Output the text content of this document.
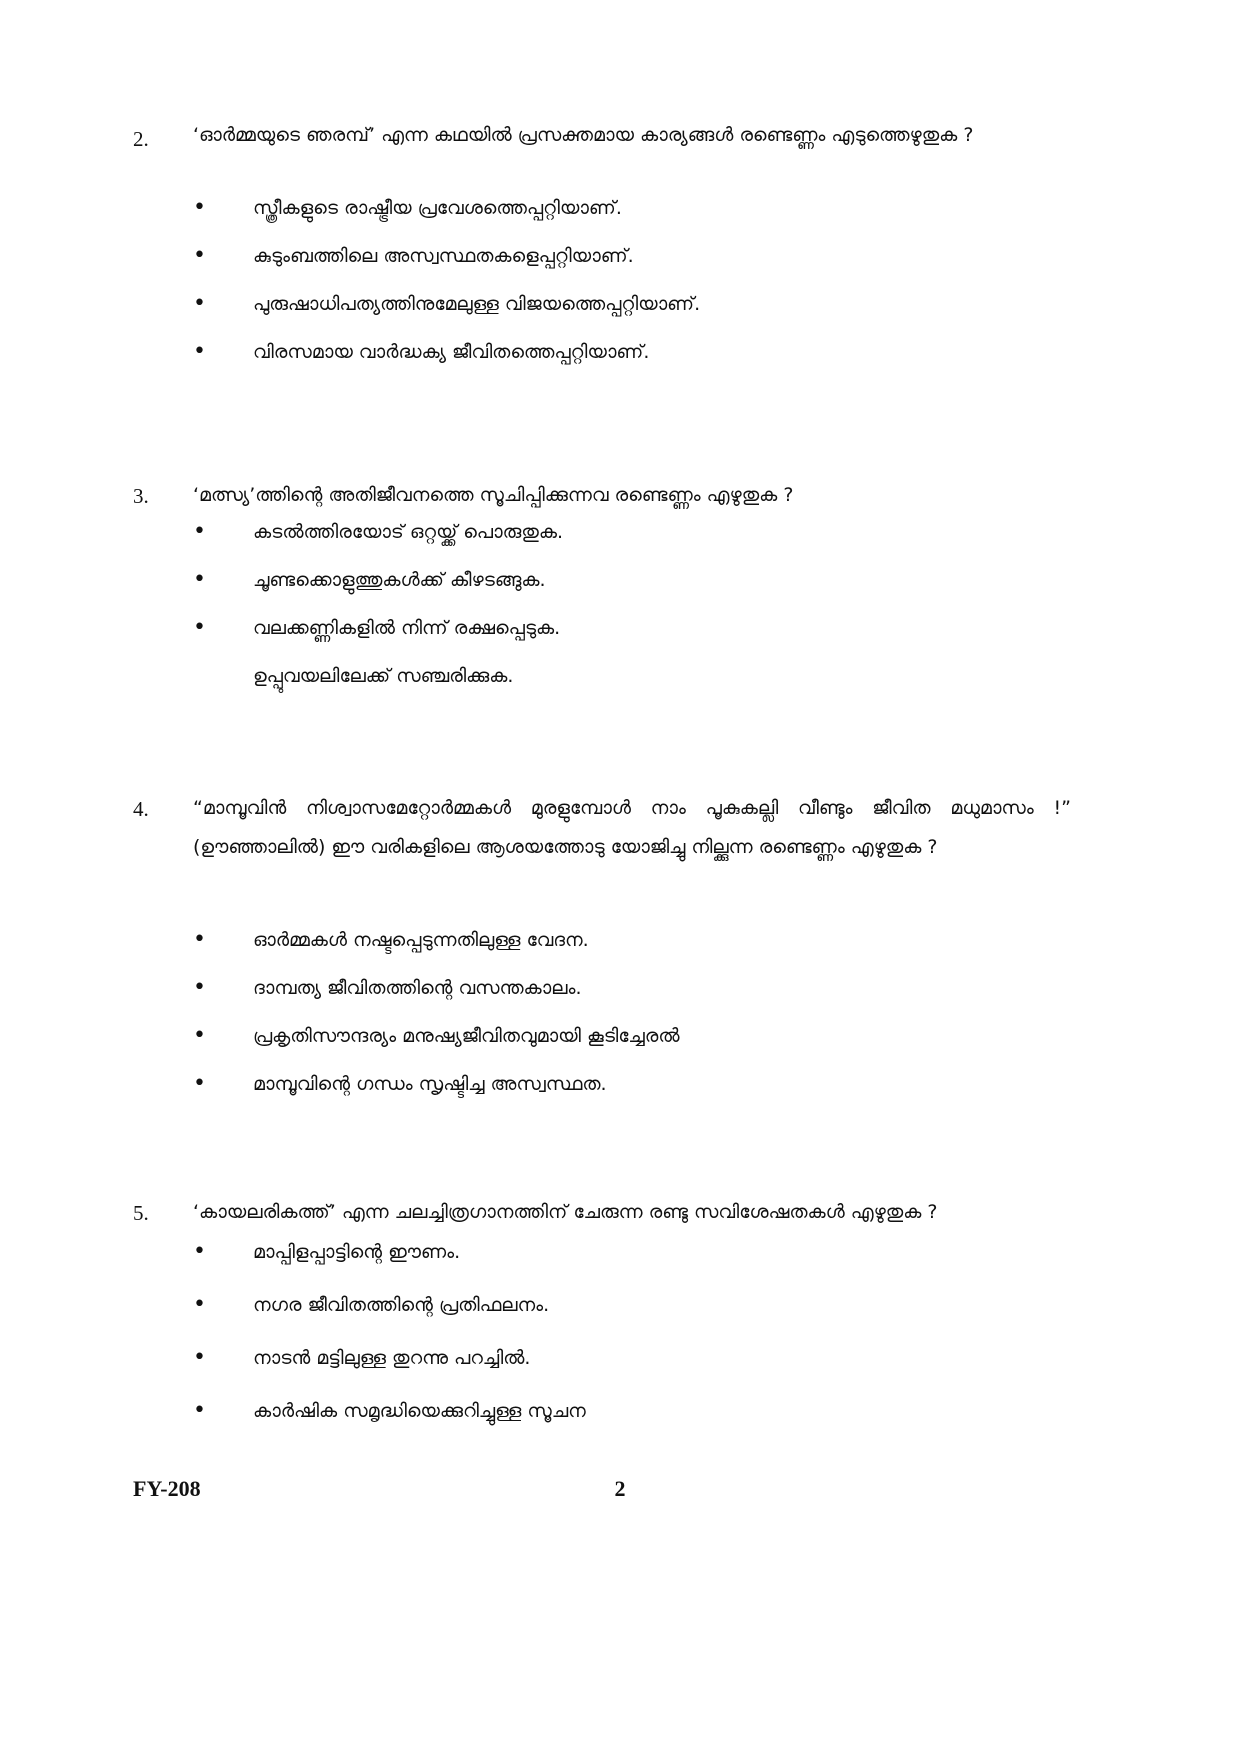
2. ‘ഓർമ്മയുടെ ഞരമ്പ്’ എന്ന കഥയിൽ പ്രസക്തമായ കാര്യങ്ങൾ രണ്ടെണ്ണം എടുത്തെഴുതുക ?
•	സ്ത്രീകളുടെ രാഷ്ട്രീയ പ്രവേശത്തെപ്പറ്റിയാണ്.
•	കുടുംബത്തിലെ അസ്വസ്ഥതകളെപ്പറ്റിയാണ്.
•	പുരുഷാധിപത്യത്തിനുമേലുള്ള വിജയത്തെപ്പറ്റിയാണ്.
•	വിരസമായ വാർദ്ധക്യ ജീവിതത്തെപ്പറ്റിയാണ്.
3. ‘മത്സ്യ’ത്തിന്റെ അതിജീവനത്തെ സൂചിപ്പിക്കുന്നവ രണ്ടെണ്ണം എഴുതുക ?
•	കടൽത്തിരയോട് ഒറ്റയ്ക്ക് പൊരുതുക.
•	ചൂണ്ടക്കൊളുത്തുകൾക്ക് കീഴടങ്ങുക.
•	വലക്കണ്ണികളിൽ നിന്ന് രക്ഷപ്പെടുക.
ഉപ്പുവയലിലേക്ക് സഞ്ചരിക്കുക.
4. “മാമ്പൂവിൻ നിശ്വാസമേറ്റോർമ്മകൾ മുരളുമ്പോൾ നാം പൂകുകല്ലി വീണ്ടും ജീവിത മധുമാസം !” (ഊഞ്ഞാലിൽ) ഈ വരികളിലെ ആശയത്തോടു യോജിച്ചു നില്ക്കുന്ന രണ്ടെണ്ണം എഴുതുക ?
•	ഓർമ്മകൾ നഷ്ടപ്പെടുന്നതിലുള്ള വേദന.
•	ദാമ്പത്യ ജീവിതത്തിന്റെ വസന്തകാലം.
•	പ്രകൃതിസൗന്ദര്യം മനുഷ്യജീവിതവുമായി കൂടിച്ചേരൽ
•	മാമ്പൂവിന്റെ ഗന്ധം സൃഷ്ടിച്ച അസ്വസ്ഥത.
5. ‘കായലരികത്ത്’ എന്ന ചലച്ചിത്രഗാനത്തിന് ചേരുന്ന രണ്ടു സവിശേഷതകൾ എഴുതുക ?
•	മാപ്പിളപ്പാട്ടിന്റെ ഈണം.
•	നഗര ജീവിതത്തിന്റെ പ്രതിഫലനം.
•	നാടൻ മട്ടിലുള്ള തുറന്നു പറച്ചിൽ.
•	കാർഷിക സമൃദ്ധിയെക്കുറിച്ചുള്ള സൂചന
FY-208	2
